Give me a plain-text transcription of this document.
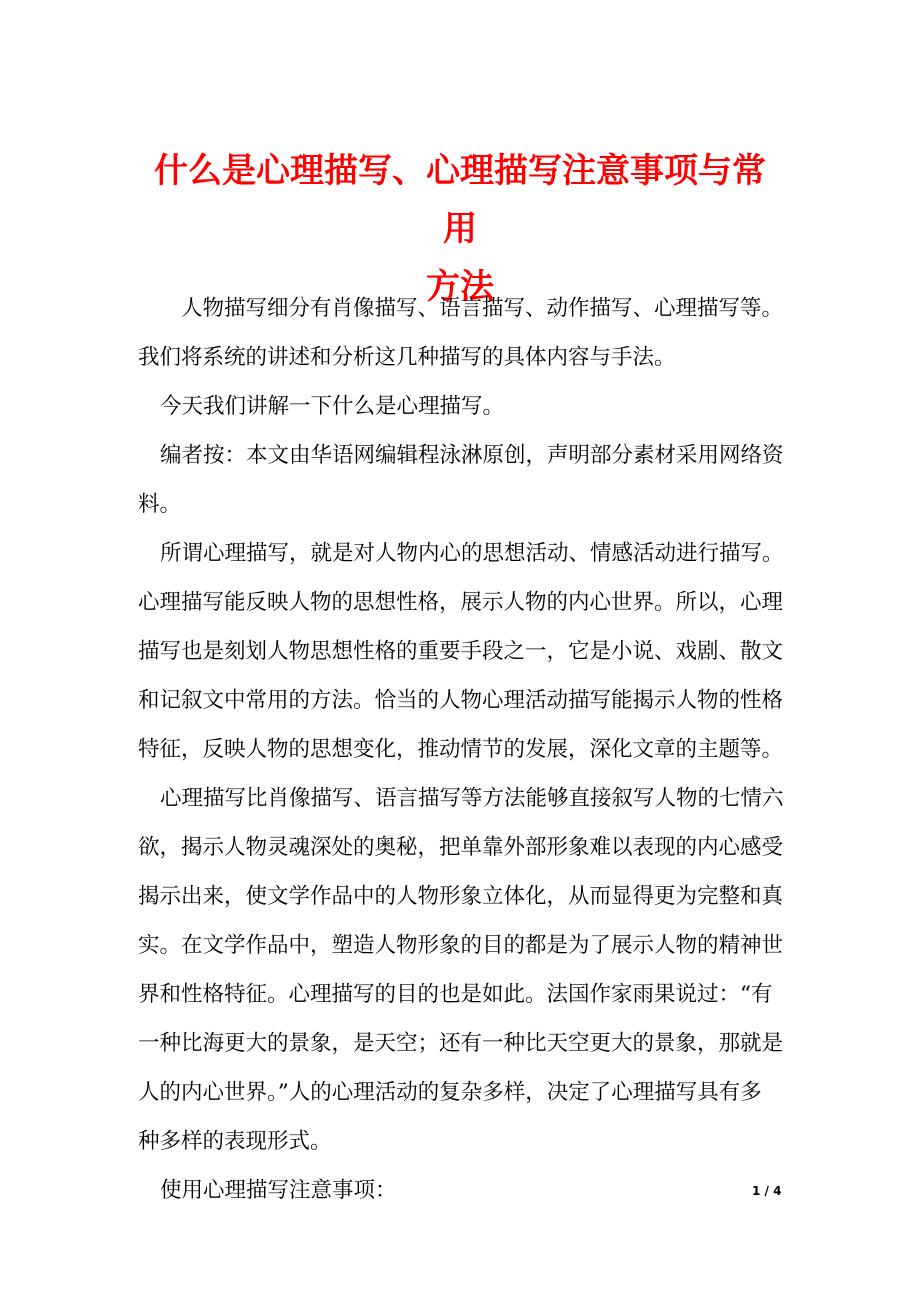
什么是心理描写、心理描写注意事项与常用
方法
人物描写细分有肖像描写、语言描写、动作描写、心理描写等。
我们将系统的讲述和分析这几种描写的具体内容与手法。
今天我们讲解一下什么是心理描写。
编者按：本文由华语网编辑程泳淋原创，声明部分素材采用网络资
料。
所谓心理描写，就是对人物内心的思想活动、情感活动进行描写。
心理描写能反映人物的思想性格，展示人物的内心世界。所以，心理
描写也是刻划人物思想性格的重要手段之一，它是小说、戏剧、散文
和记叙文中常用的方法。恰当的人物心理活动描写能揭示人物的性格
特征，反映人物的思想变化，推动情节的发展，深化文章的主题等。
心理描写比肖像描写、语言描写等方法能够直接叙写人物的七情六
欲，揭示人物灵魂深处的奥秘，把单靠外部形象难以表现的内心感受
揭示出来，使文学作品中的人物形象立体化，从而显得更为完整和真
实。在文学作品中，塑造人物形象的目的都是为了展示人物的精神世
界和性格特征。心理描写的目的也是如此。法国作家雨果说过：“有
一种比海更大的景象，是天空；还有一种比天空更大的景象，那就是
人的内心世界。”人的心理活动的复杂多样，决定了心理描写具有多
种多样的表现形式。
使用心理描写注意事项：	1 / 4
